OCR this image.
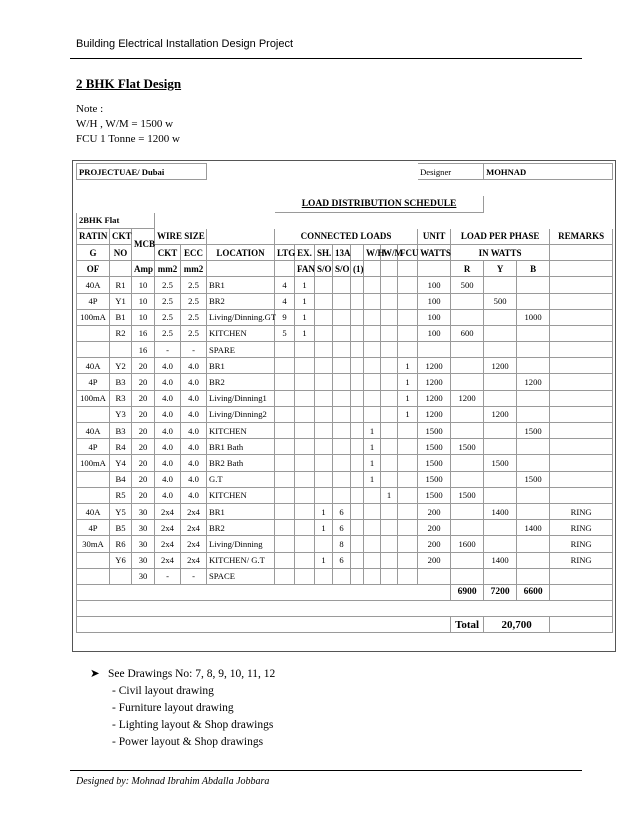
Building Electrical Installation Design Project
2 BHK Flat Design
Note :
W/H , W/M = 1500 w
FCU 1 Tonne = 1200 w
PROJECTUAE/ Dubai														Designer		MOHNAD		

						LOAD DISTRIBUTION SCHEDULE												
2BHK Flat																		
RATIN	CKT	MCB	WIRE SIZE			CONNECTED LOADS								UNIT	LOAD PER PHASE			REMARKS
G	NO		CKT	ECC	LOCATION	LTG	EX.	SH.	13A		W/H	W/M	FCU	WATTS	IN WATTS			
OF		Amp	mm2	mm2			FAN	S/O	S/O	(1)					R	Y	B	
40A	R1	10	2.5	2.5	BR1	4	1							100	500			
4P	Y1	10	2.5	2.5	BR2	4	1							100		500		
100mA	B1	10	2.5	2.5	Living/Dinning.GT	9	1							100			1000	
	R2	16	2.5	2.5	KITCHEN	5	1							100	600			
		16	-	-	SPARE													
40A	Y2	20	4.0	4.0	BR1								1	1200		1200		
4P	B3	20	4.0	4.0	BR2								1	1200			1200	
100mA	R3	20	4.0	4.0	Living/Dinning1								1	1200	1200			
	Y3	20	4.0	4.0	Living/Dinning2								1	1200		1200		
40A	B3	20	4.0	4.0	KITCHEN						1			1500			1500	
4P	R4	20	4.0	4.0	BR1 Bath						1			1500	1500			
100mA	Y4	20	4.0	4.0	BR2 Bath						1			1500		1500		
	B4	20	4.0	4.0	G.T						1			1500			1500	
	R5	20	4.0	4.0	KITCHEN							1		1500	1500			
40A	Y5	30	2x4	2x4	BR1			1	6					200		1400		RING
4P	B5	30	2x4	2x4	BR2			1	6					200			1400	RING
30mA	R6	30	2x4	2x4	Living/Dinning				8					200	1600			RING
	Y6	30	2x4	2x4	KITCHEN/ G.T			1	6					200		1400		RING
		30	-	-	SPACE													
															6900	7200	6600	

															Total	20,700		
➤ See Drawings No: 7, 8, 9, 10, 11, 12
- Civil layout drawing
- Furniture layout drawing
- Lighting layout & Shop drawings
- Power layout & Shop drawings
Designed by: Mohnad Ibrahim Abdalla Jobbara
